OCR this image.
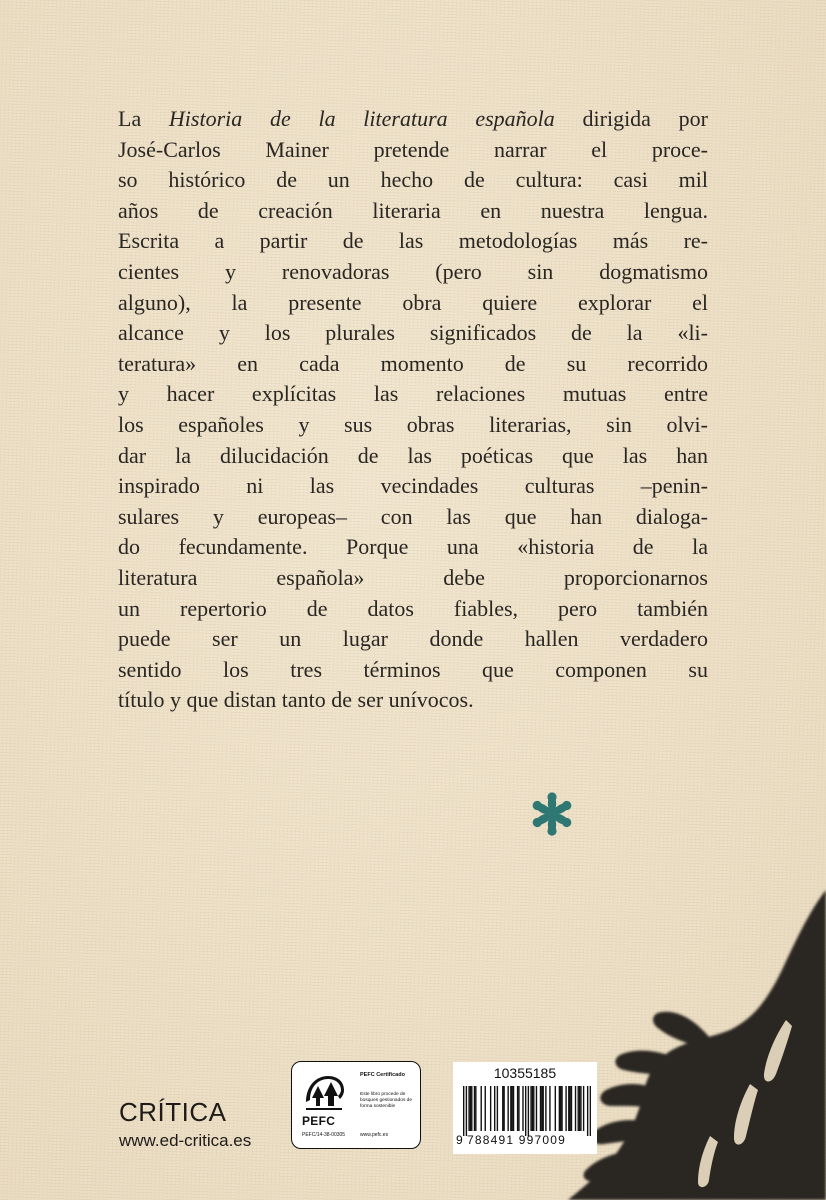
La Historia de la literatura española dirigida por
José-Carlos Mainer pretende narrar el proce-
so histórico de un hecho de cultura: casi mil
años de creación literaria en nuestra lengua.
Escrita a partir de las metodologías más re-
cientes y renovadoras (pero sin dogmatismo
alguno), la presente obra quiere explorar el
alcance y los plurales significados de la «li-
teratura» en cada momento de su recorrido
y hacer explícitas las relaciones mutuas entre
los españoles y sus obras literarias, sin olvi-
dar la dilucidación de las poéticas que las han
inspirado ni las vecindades culturas –penin-
sulares y europeas– con las que han dialoga-
do fecundamente. Porque una «historia de la
literatura española» debe proporcionarnos
un repertorio de datos fiables, pero también
puede ser un lugar donde hallen verdadero
sentido los tres términos que componen su
título y que distan tanto de ser unívocos.
CRÍTICA
www.ed-critica.es
PEFC
PEFC Certificado
Este libro procede de bosques gestionados de forma sostenible
PEFC/14-38-00305	www.pefc.es
10355185
9 788491 997009
